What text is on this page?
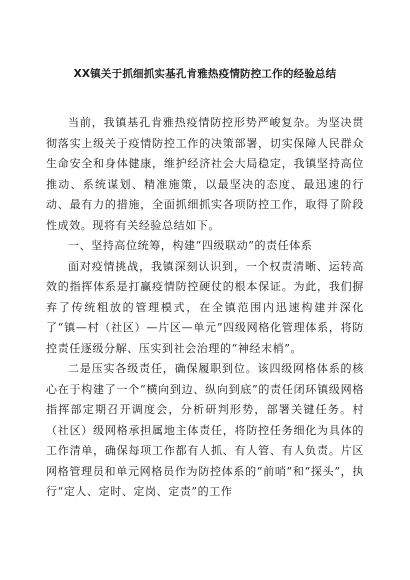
XX镇关于抓细抓实基孔肯雅热疫情防控工作的经验总结

当前，我镇基孔肯雅热疫情防控形势严峻复杂。为坚决贯彻落实上级关于疫情防控工作的决策部署，切实保障人民群众生命安全和身体健康，维护经济社会大局稳定，我镇坚持高位推动、系统谋划、精准施策，以最坚决的态度、最迅速的行动、最有力的措施，全面抓细抓实各项防控工作，取得了阶段性成效。现将有关经验总结如下。

一、坚持高位统筹，构建“四级联动”的责任体系

面对疫情挑战，我镇深刻认识到，一个权责清晰、运转高效的指挥体系是打赢疫情防控硬仗的根本保证。为此，我们摒弃了传统粗放的管理模式，在全镇范围内迅速构建并深化了“镇—村（社区）—片区—单元”四级网格化管理体系，将防控责任逐级分解、压实到社会治理的“神经末梢”。

二是压实各级责任，确保履职到位。该四级网格体系的核心在于构建了一个“横向到边、纵向到底”的责任闭环镇级网格指挥部定期召开调度会，分析研判形势，部署关键任务。村（社区）级网格承担属地主体责任，将防控任务细化为具体的工作清单，确保每项工作都有人抓、有人管、有人负责。片区网格管理员和单元网格员作为防控体系的“前哨”和“探头”，执行“定人、定时、定岗、定责”的工作
